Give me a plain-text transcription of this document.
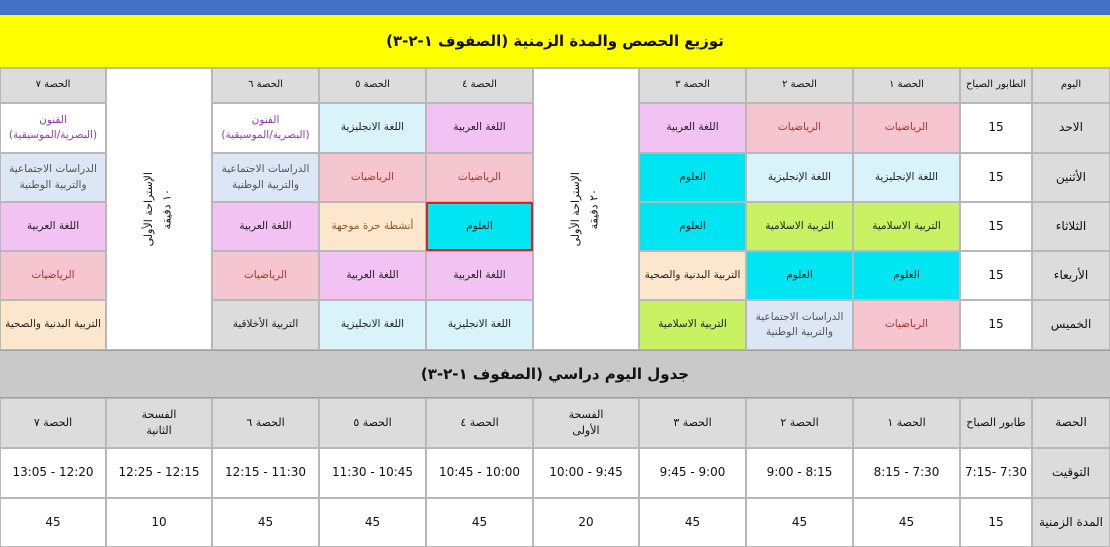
توزيع الحصص والمدة الزمنية (الصفوف ١-٢-٣)
اليوم
الطابور الصباح
الحصة ١
الحصة ٢
الحصة ٣
الحصة ٤
الحصة ٥
الحصة ٦
الحصة ٧
الإستراحة الأولى ٢٠ دقيقة
الإستراحة الأولى ١٠ دقيقة
الاحد
15
الرياضيات
الرياضيات
اللغة العربية
اللغة العربية
اللغة الانجليزية
الفنون
(البصرية/الموسيقية)
الفنون
(البصرية/الموسيقية)
الأثنين
15
اللغة الإنجليزية
اللغة الإنجليزية
العلوم
الرياضيات
الرياضيات
الدراسات الاجتماعية
والتربية الوطنية
الدراسات الاجتماعية
والتربية الوطنية
الثلاثاء
15
التربية الاسلامية
التربية الاسلامية
العلوم
العلوم
أنشطة حرة موجهة
اللغة العربية
اللغة العربية
الأربعاء
15
العلوم
العلوم
التربية البدنية والصحية
اللغة العربية
اللغة العربية
الرياضيات
الرياضيات
الخميس
15
الرياضيات
الدراسات الاجتماعية
والتربية الوطنية
التربية الاسلامية
اللغة الانجليزية
اللغة الانجليزية
التربية الأخلاقية
التربية البدنية والصحية
جدول اليوم دراسي (الصفوف ١-٢-٣)
الحصة
طابور الصباح
الحصة ١
الحصة ٢
الحصة ٣
الفسحة
الأولى
الحصة ٤
الحصة ٥
الحصة ٦
الفسحة
الثانية
الحصة ٧
التوقيت
7:15- 7:30
8:15 - 7:30
9:00 - 8:15
9:45 - 9:00
10:00 - 9:45
10:45 - 10:00
11:30 - 10:45
12:15 - 11:30
12:25 - 12:15
13:05 - 12:20
المدة الزمنية
15
45
45
45
20
45
45
45
10
45
